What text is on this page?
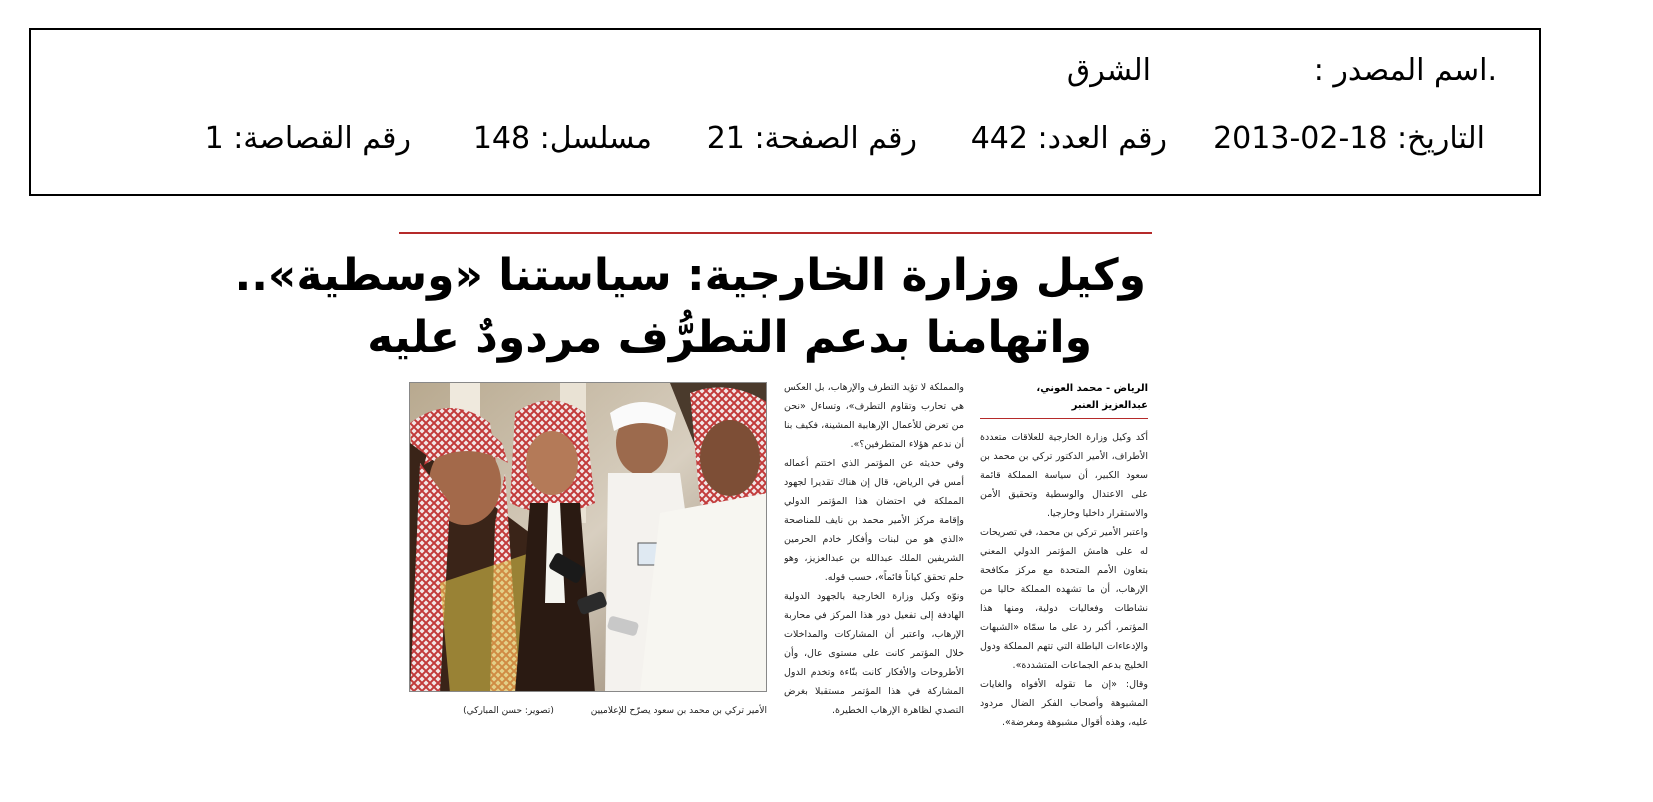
.اسم المصدر :
الشرق
التاريخ: 18-02-2013
رقم العدد: 442
رقم الصفحة: 21
مسلسل: 148
رقم القصاصة: 1
وكيل وزارة الخارجية: سياستنا «وسطية»..
واتهامنا بدعم التطرُّف مردودٌ عليه
الرياض - محمد العوني،
عبدالعزيز العنبر

أكد وكيل وزارة الخارجية للعلاقات متعددة الأطراف، الأمير الدكتور تركي بن محمد بن سعود الكبير، أن سياسة المملكة قائمة على الاعتدال والوسطية وتحقيق الأمن والاستقرار داخليا وخارجيا.

واعتبر الأمير تركي بن محمد، في تصريحات له على هامش المؤتمر الدولي المعني بتعاون الأمم المتحدة مع مركز مكافحة الإرهاب، أن ما تشهده المملكة حاليا من نشاطات وفعاليات دولية، ومنها هذا المؤتمر، أكبر رد على ما سمّاه «الشبهات والإدعاءات الباطلة التي تتهم المملكة ودول الخليج بدعم الجماعات المتشددة».

وقال: «إن ما تقوله الأفواه والغايات المشبوهة وأصحاب الفكر الضال مردود عليه، وهذه أقوال مشبوهة ومغرضة».

والمملكة لا تؤيد التطرف والإرهاب، بل العكس هي تحارب وتقاوم التطرف»، وتساءل «نحن من تعرض للأعمال الإرهابية المشينة، فكيف بنا أن ندعم هؤلاء المتطرفين؟».

وفي حديثه عن المؤتمر الذي اختتم أعماله أمس في الرياض، قال إن هناك تقديرا لجهود المملكة في احتضان هذا المؤتمر الدولي وإقامة مركز الأمير محمد بن نايف للمناصحة «الذي هو من لبنات وأفكار خادم الحرمين الشريفين الملك عبدالله بن عبدالعزيز، وهو حلم تحقق كياناً قائماً»، حسب قوله.

ونوّه وكيل وزارة الخارجية بالجهود الدولية الهادفة إلى تفعيل دور هذا المركز في محاربة الإرهاب، واعتبر أن المشاركات والمداخلات خلال المؤتمر كانت على مستوى عال، وأن الأطروحات والأفكار كانت بنّاءة وتخدم الدول المشاركة في هذا المؤتمر مستقبلا بغرض التصدي لظاهرة الإرهاب الخطيرة.

الأمير تركي بن محمد بن سعود يصرّح للإعلاميين (تصوير: حسن المباركي)
